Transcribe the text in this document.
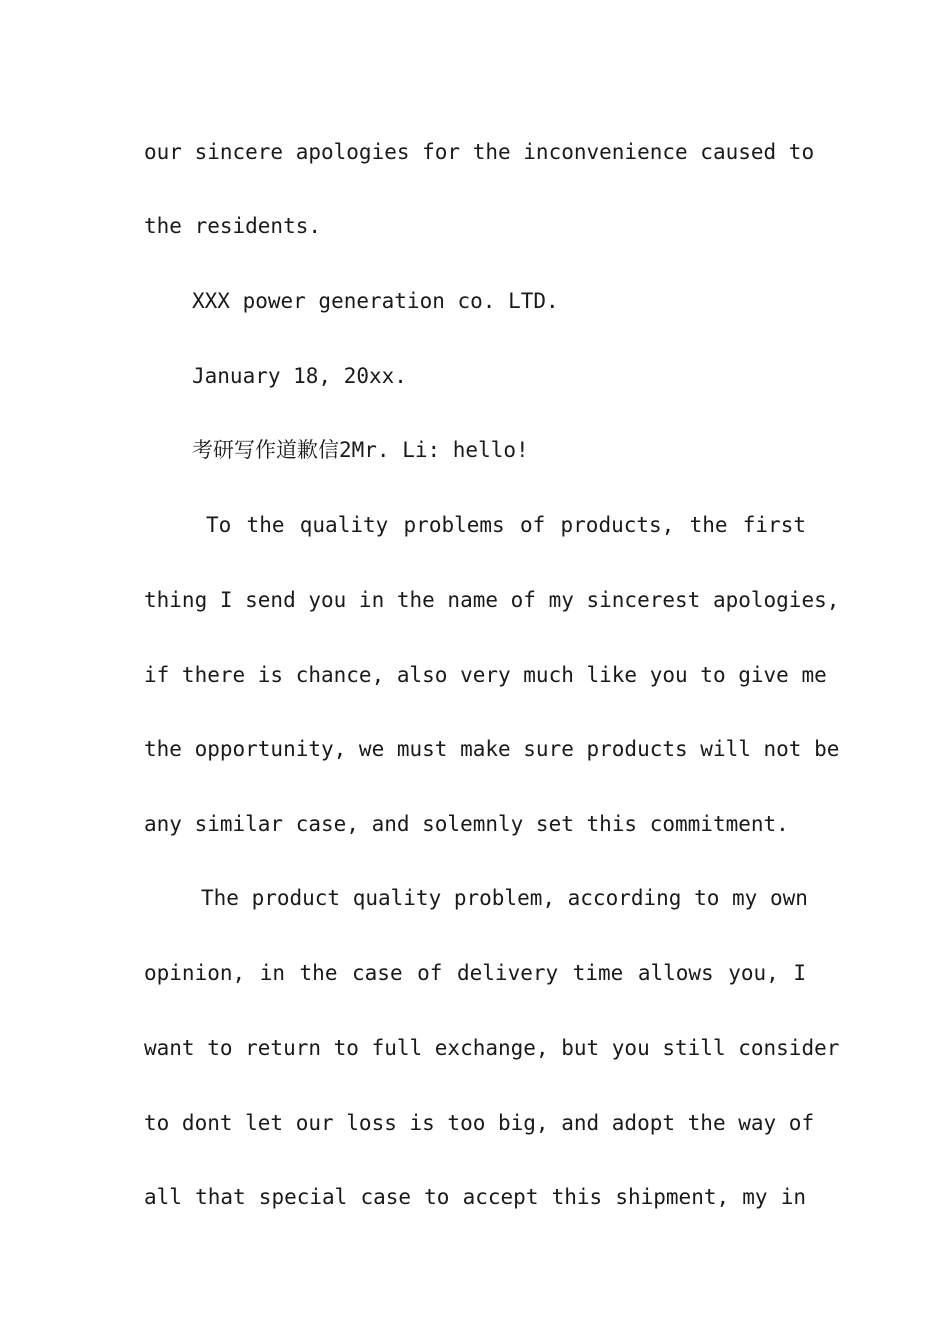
our sincere apologies for the inconvenience caused to
the residents.
XXX power generation co. LTD.
January 18, 20xx.
考研写作道歉信2Mr. Li: hello!
To the quality problems of products, the first
thing I send you in the name of my sincerest apologies,
if there is chance, also very much like you to give me
the opportunity, we must make sure products will not be
any similar case, and solemnly set this commitment.
The product quality problem, according to my own
opinion, in the case of delivery time allows you, I
want to return to full exchange, but you still consider
to dont let our loss is too big, and adopt the way of
all that special case to accept this shipment, my in
